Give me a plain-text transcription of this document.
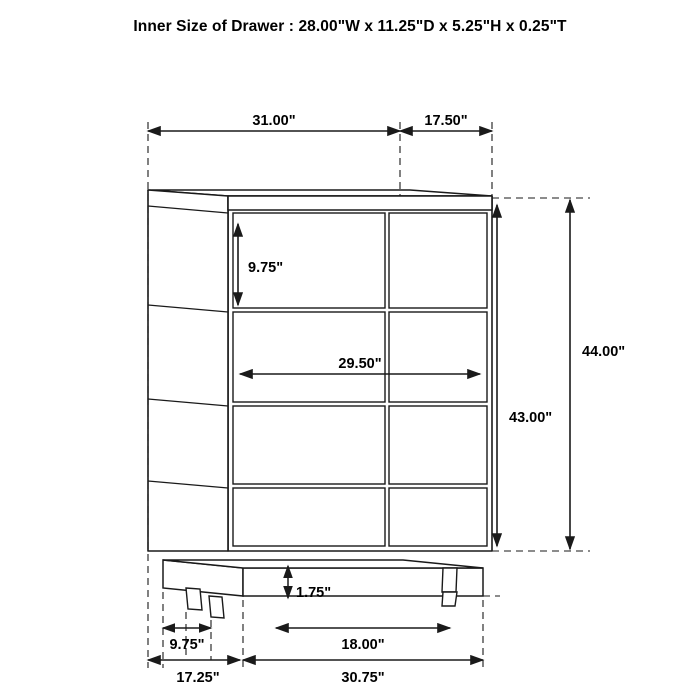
Inner Size of Drawer : 28.00"W x 11.25"D x 5.25"H x 0.25"T
31.00"	17.50"
9.75"
29.50"
43.00"
44.00"
1.75"
9.75"	18.00"
17.25"	30.75"
